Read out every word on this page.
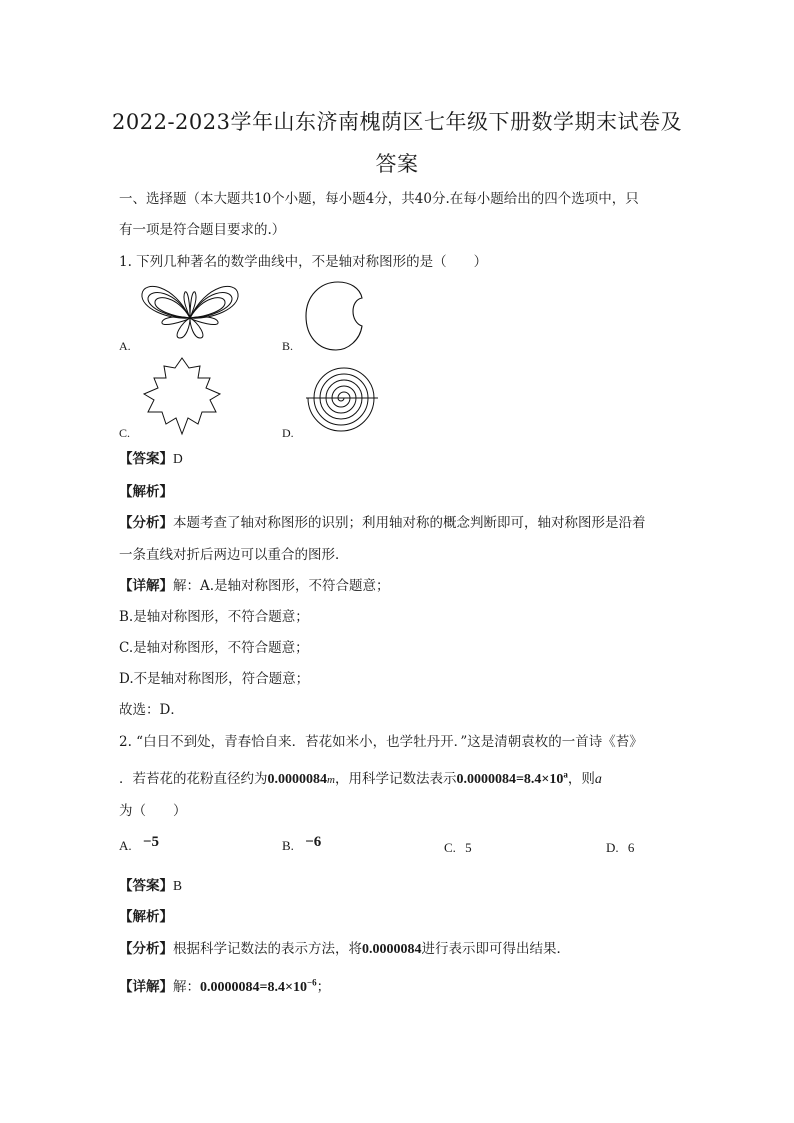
2022-2023学年山东济南槐荫区七年级下册数学期末试卷及
答案
一、选择题（本大题共10个小题，每小题4分，共40分.在每小题给出的四个选项中，只
有一项是符合题目要求的.）
1. 下列几种著名的数学曲线中，不是轴对称图形的是（　　）
A.	B.
C.	D.
【答案】D
【解析】
【分析】本题考查了轴对称图形的识别；利用轴对称的概念判断即可，轴对称图形是沿着
一条直线对折后两边可以重合的图形．
【详解】解：A.是轴对称图形，不符合题意；
B.是轴对称图形，不符合题意；
C.是轴对称图形，不符合题意；
D.不是轴对称图形，符合题意；
故选：D．
2. “白日不到处，青春恰自来．苔花如米小，也学牡丹开．”这是清朝袁枚的一首诗《苔》
．若苔花的花粉直径约为0.0000084m，用科学记数法表示$0.0000084=8.4\times 10^a$，则a
为（　　）
A. −5	B. −6	C. 5	D. 6
【答案】B
【解析】
【分析】根据科学记数法的表示方法，将0.0000084进行表示即可得出结果．
【详解】解：$0.0000084=8.4\times 10^{-6}$；
